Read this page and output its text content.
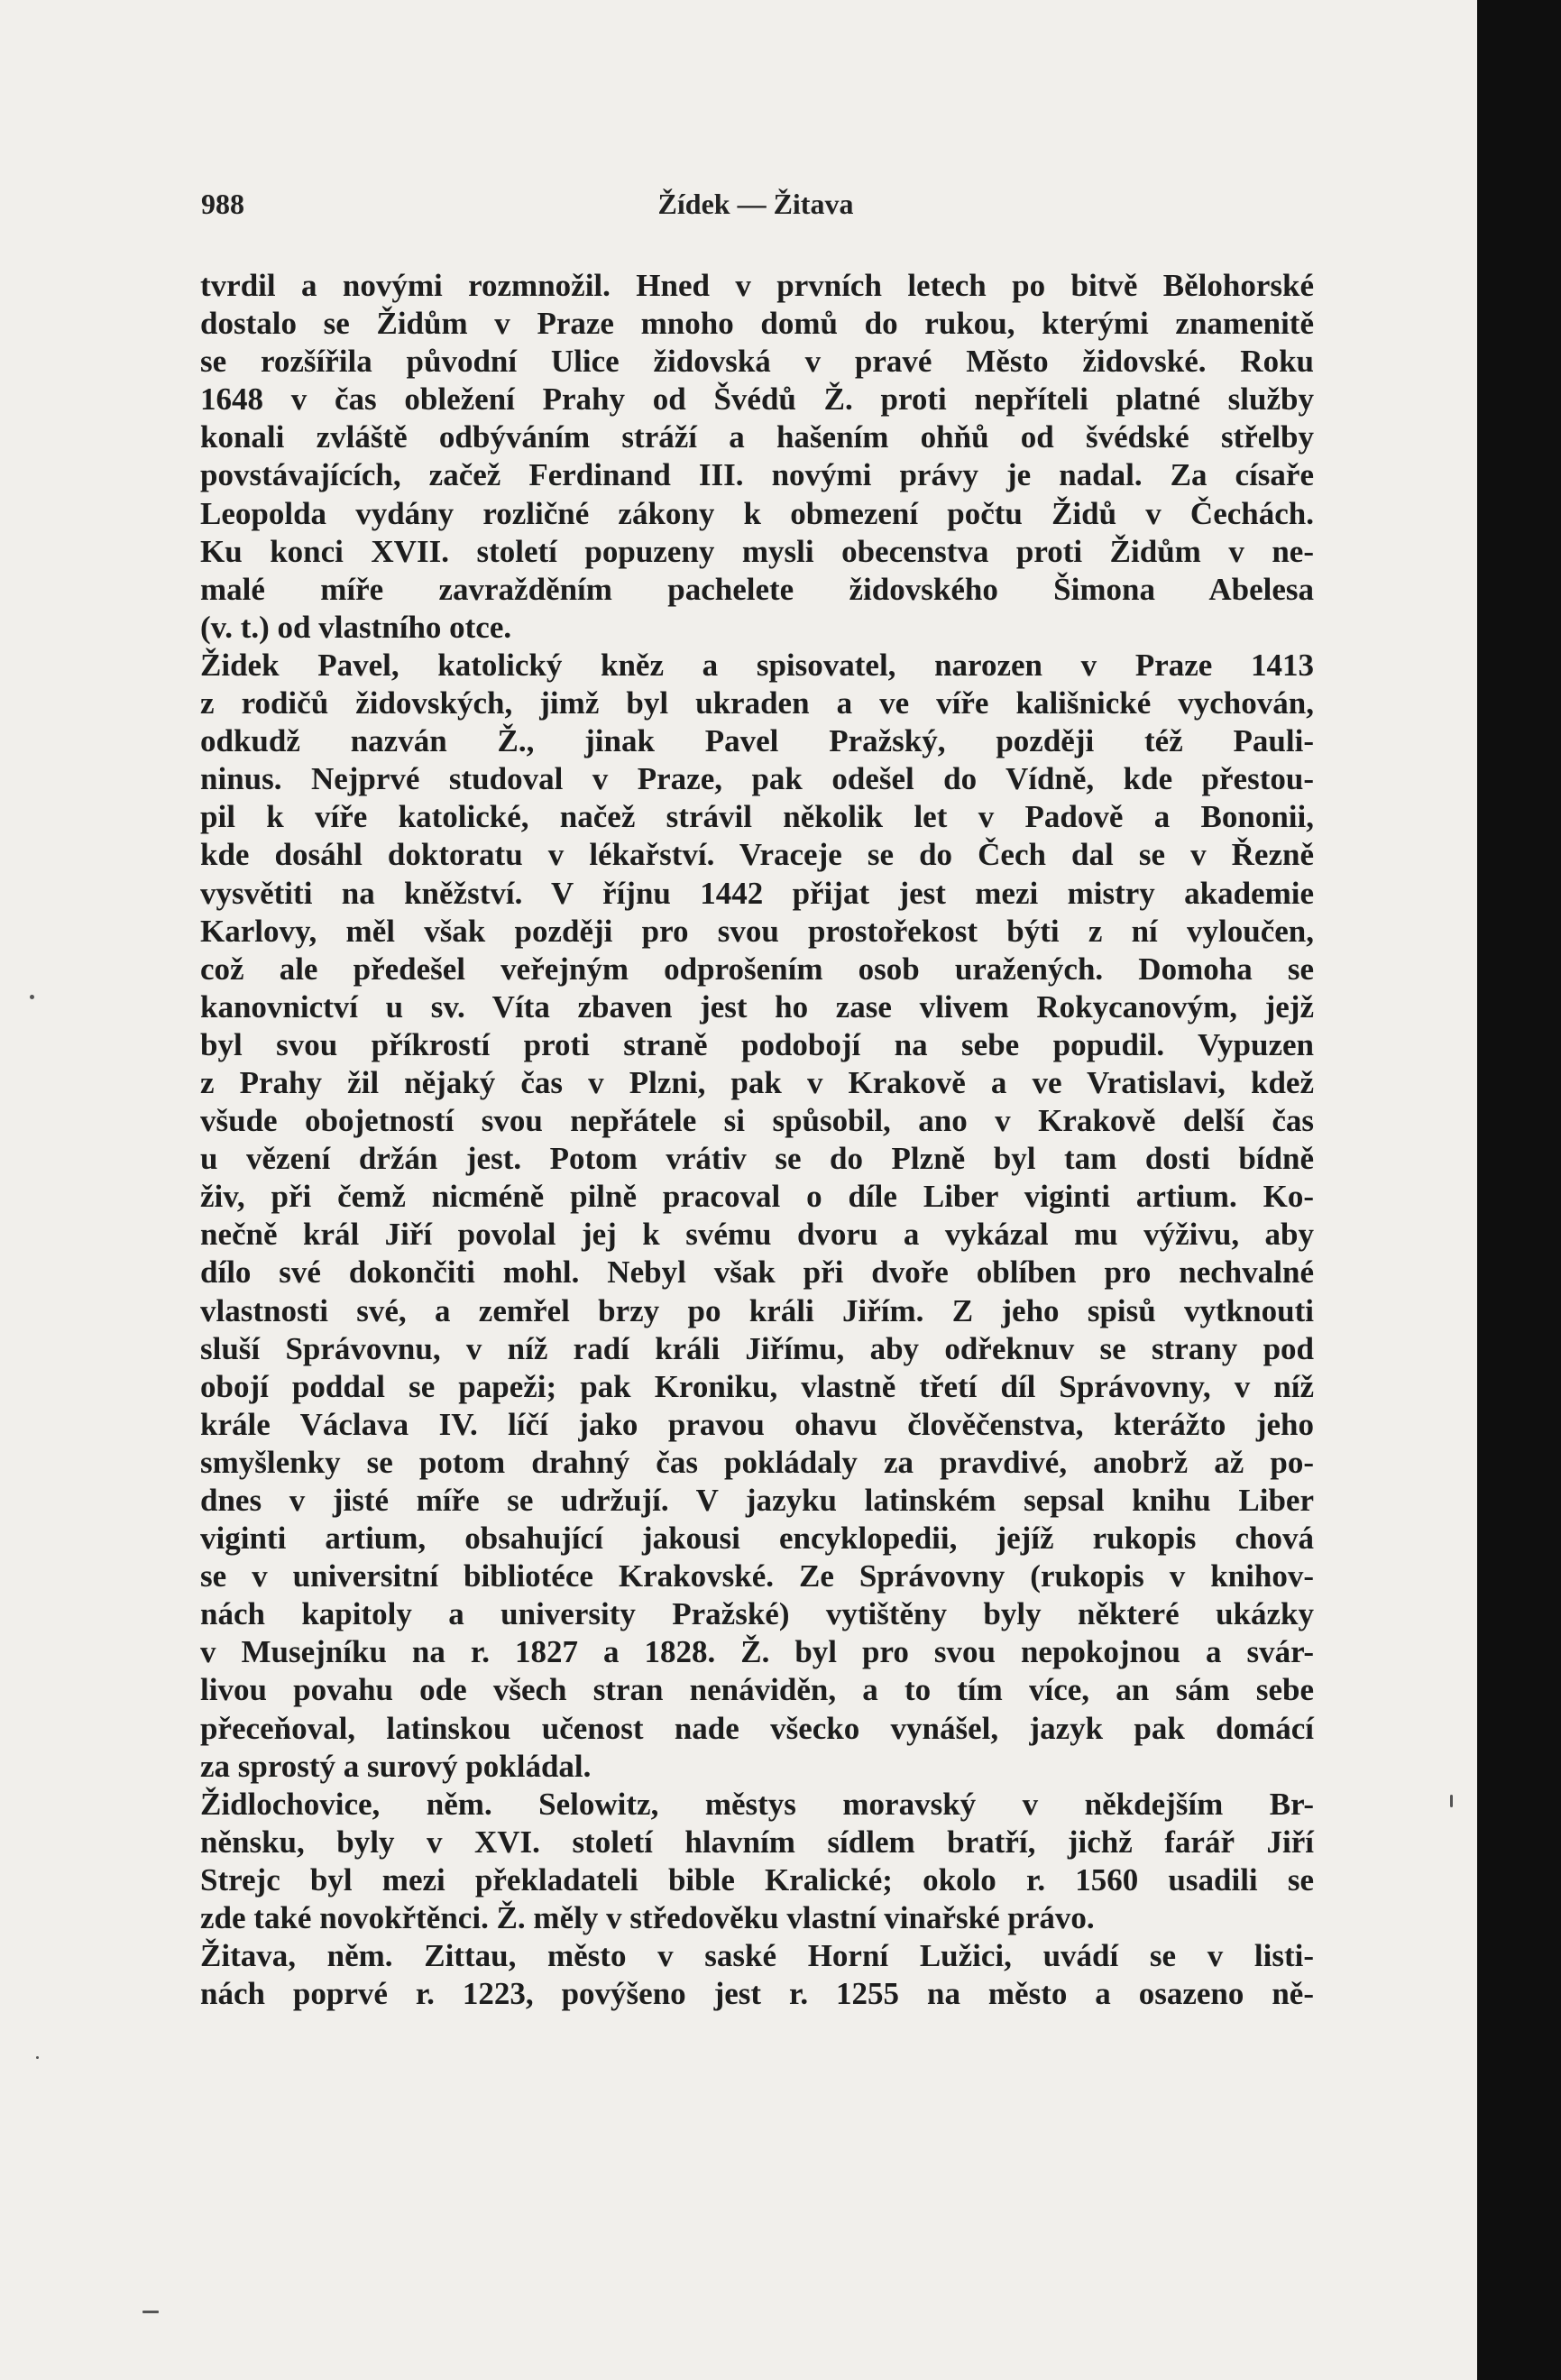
988	Žídek — Žitava
tvrdil a novými rozmnožil. Hned v prvních letech po bitvě Bělohorské
dostalo se Židům v Praze mnoho domů do rukou, kterými znamenitě
se rozšířila původní Ulice židovská v pravé Město židovské. Roku
1648 v čas obležení Prahy od Švédů Ž. proti nepříteli platné služby
konali zvláště odbýváním stráží a hašením ohňů od švédské střelby
povstávajících, začež Ferdinand III. novými právy je nadal. Za císaře
Leopolda vydány rozličné zákony k obmezení počtu Židů v Čechách.
Ku konci XVII. století popuzeny mysli obecenstva proti Židům v ne-
malé míře zavražděním pachelete židovského Šimona Abelesa
(v. t.) od vlastního otce.
Židek Pavel, katolický kněz a spisovatel, narozen v Praze 1413
z rodičů židovských, jimž byl ukraden a ve víře kališnické vychován,
odkudž nazván Ž., jinak Pavel Pražský, později též Pauli-
ninus. Nejprvé studoval v Praze, pak odešel do Vídně, kde přestou-
pil k víře katolické, načež strávil několik let v Padově a Bononii,
kde dosáhl doktoratu v lékařství. Vraceje se do Čech dal se v Řezně
vysvětiti na kněžství. V říjnu 1442 přijat jest mezi mistry akademie
Karlovy, měl však později pro svou prostořekost býti z ní vyloučen,
což ale předešel veřejným odprošením osob uražených. Domoha se
kanovnictví u sv. Víta zbaven jest ho zase vlivem Rokycanovým, jejž
byl svou příkrostí proti straně podobojí na sebe popudil. Vypuzen
z Prahy žil nějaký čas v Plzni, pak v Krakově a ve Vratislavi, kdež
všude obojetností svou nepřátele si spůsobil, ano v Krakově delší čas
u vězení držán jest. Potom vrátiv se do Plzně byl tam dosti bídně
živ, při čemž nicméně pilně pracoval o díle Liber viginti artium. Ko-
nečně král Jiří povolal jej k svému dvoru a vykázal mu výživu, aby
dílo své dokončiti mohl. Nebyl však při dvoře oblíben pro nechvalné
vlastnosti své, a zemřel brzy po králi Jiřím. Z jeho spisů vytknouti
sluší Správovnu, v níž radí králi Jiřímu, aby odřeknuv se strany pod
obojí poddal se papeži; pak Kroniku, vlastně třetí díl Správovny, v níž
krále Václava IV. líčí jako pravou ohavu člověčenstva, kterážto jeho
smyšlenky se potom drahný čas pokládaly za pravdivé, anobrž až po-
dnes v jisté míře se udržují. V jazyku latinském sepsal knihu Liber
viginti artium, obsahující jakousi encyklopedii, jejíž rukopis chová
se v universitní bibliotéce Krakovské. Ze Správovny (rukopis v knihov-
nách kapitoly a university Pražské) vytištěny byly některé ukázky
v Musejníku na r. 1827 a 1828. Ž. byl pro svou nepokojnou a svár-
livou povahu ode všech stran nenáviděn, a to tím více, an sám sebe
přeceňoval, latinskou učenost nade všecko vynášel, jazyk pak domácí
za sprostý a surový pokládal.
Židlochovice, něm. Selowitz, městys moravský v někdejším Br-
něnsku, byly v XVI. století hlavním sídlem bratří, jichž farář Jiří
Strejc byl mezi překladateli bible Kralické; okolo r. 1560 usadili se
zde také novokřtěnci. Ž. měly v středověku vlastní vinařské právo.
Žitava, něm. Zittau, město v saské Horní Lužici, uvádí se v listi-
nách poprvé r. 1223, povýšeno jest r. 1255 na město a osazeno ně-
